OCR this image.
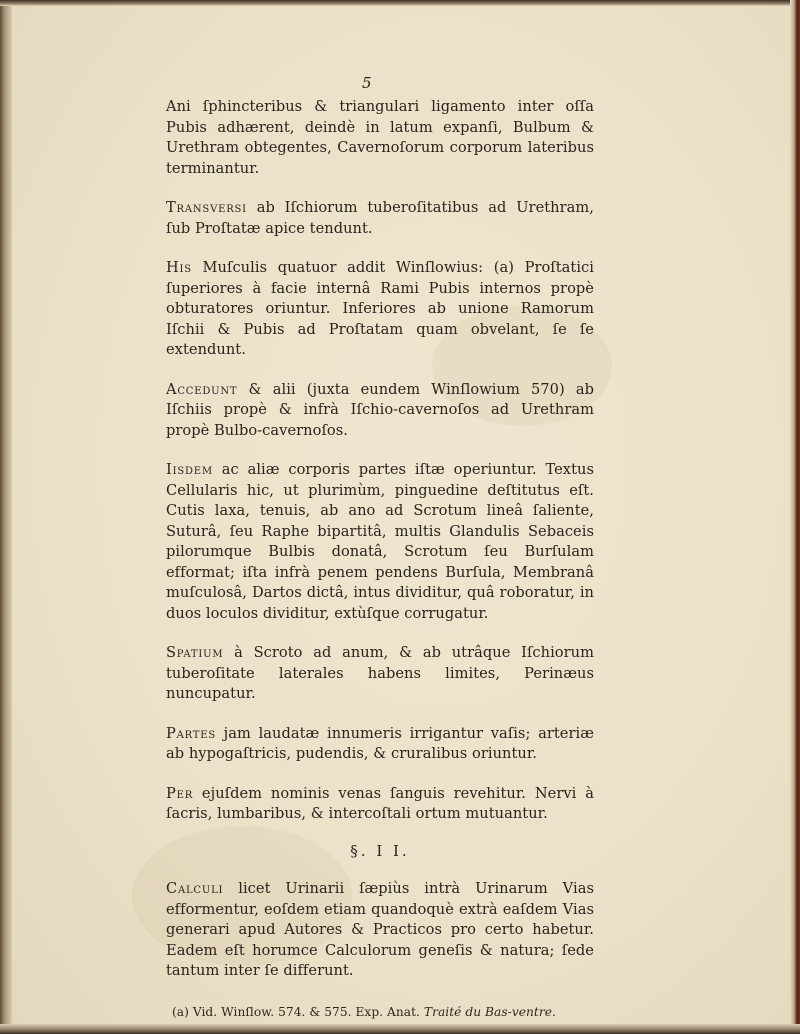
5

Ani ſphincteribus & triangulari ligamento inter oſſa Pubis adhærent, deindè in latum expanſi, Bulbum & Urethram obtegentes, Cavernoſorum corporum lateribus terminantur.

Transversi ab Iſchiorum tuberoſitatibus ad Urethram, ſub Proſtatæ apice tendunt.

His Muſculis quatuor addit Winſlowius: (a) Proſtatici ſuperiores à facie internâ Rami Pubis internos propè obturatores oriuntur. Inferiores ab unione Ramorum Iſchii & Pubis ad Proſtatam quam obvelant, ſe ſe extendunt.

Accedunt & alii (juxta eundem Winſlowium 570) ab Iſchiis propè & infrà Iſchio-cavernoſos ad Urethram propè Bulbo-cavernoſos.

Iisdem ac aliæ corporis partes iſtæ operiuntur. Textus Cellularis hic, ut plurimùm, pinguedine deſtitutus eſt. Cutis laxa, tenuis, ab ano ad Scrotum lineâ ſaliente, Suturâ, ſeu Raphe bipartitâ, multis Glandulis Sebaceis pilorumque Bulbis donatâ, Scrotum ſeu Burſulam efformat; iſta infrà penem pendens Burſula, Membranâ muſculosâ, Dartos dictâ, intus dividitur, quâ roboratur, in duos loculos dividitur, extùſque corrugatur.

Spatium à Scroto ad anum, & ab utrâque Iſchiorum tuberoſitate laterales habens limites, Perinæus nuncupatur.

Partes jam laudatæ innumeris irrigantur vaſis; arteriæ ab hypogaſtricis, pudendis, & cruralibus oriuntur.

Per ejuſdem nominis venas ſanguis revehitur. Nervi à ſacris, lumbaribus, & intercoſtali ortum mutuantur.

§. I I.

Calculi licet Urinarii ſæpiùs intrà Urinarum Vias efformentur, eoſdem etiam quandoquè extrà eaſdem Vias generari apud Autores & Practicos pro certo habetur. Eadem eſt horumce Calculorum geneſis & natura; ſede tantum inter ſe differunt.

(a) Vid. Winſlow. 574. & 575. Exp. Anat. Traité du Bas-ventre.
